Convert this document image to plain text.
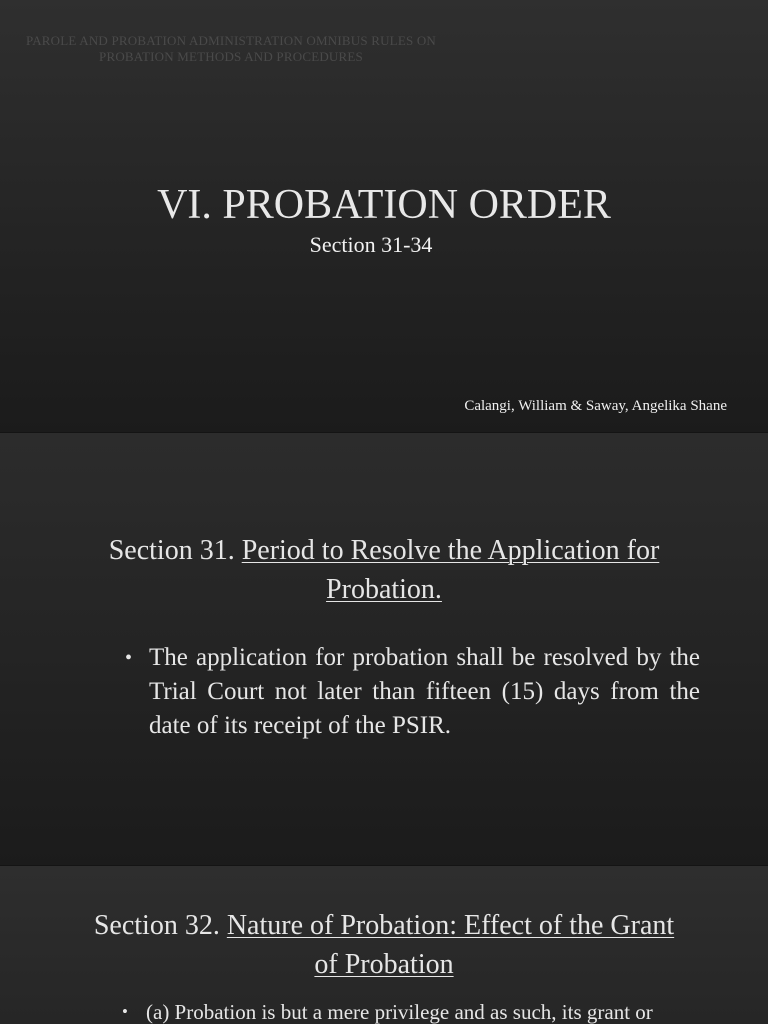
PAROLE AND PROBATION ADMINISTRATION OMNIBUS RULES ON
PROBATION METHODS AND PROCEDURES
VI. PROBATION ORDER
Section 31-34
Calangi, William & Saway, Angelika Shane
Section 31. Period to Resolve the Application for
Probation.
• The application for probation shall be resolved by the Trial Court not later than fifteen (15) days from the date of its receipt of the PSIR.
Section 32. Nature of Probation: Effect of the Grant
of Probation
• (a) Probation is but a mere privilege and as such, its grant or
